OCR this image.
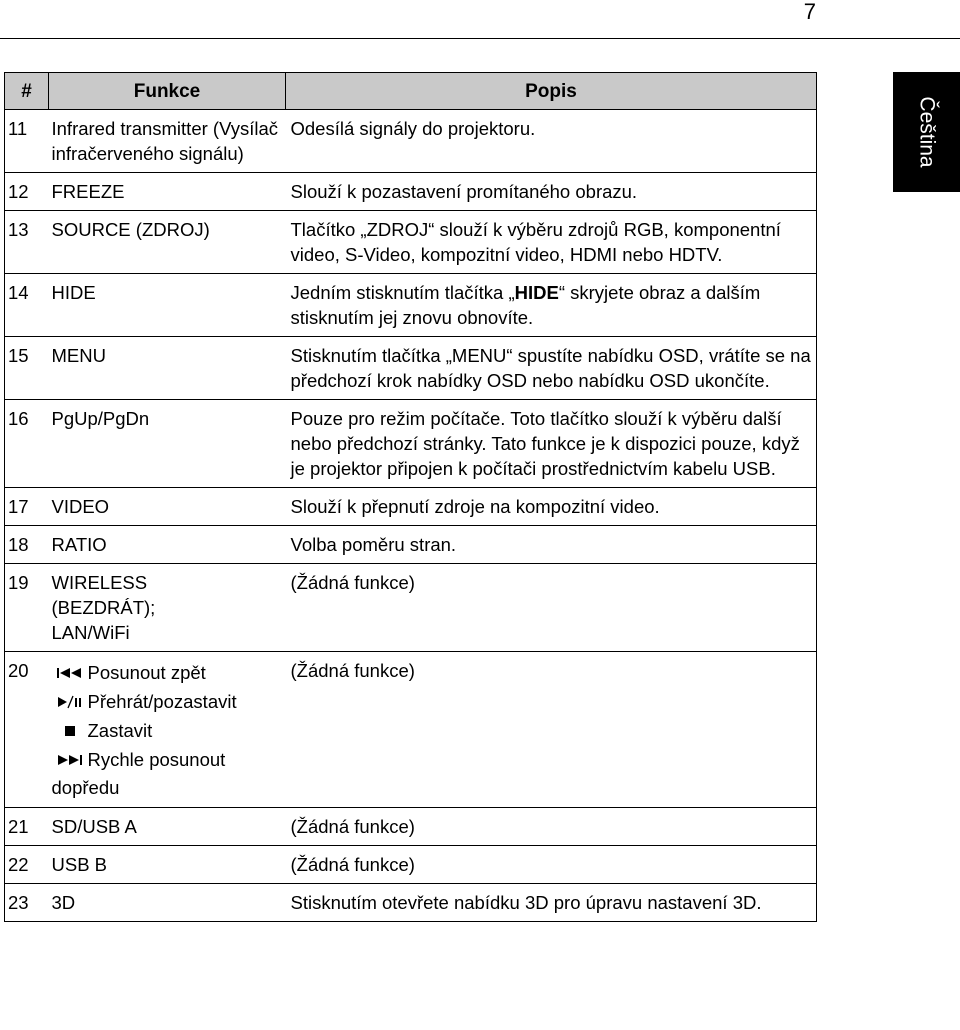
7
Čeština
#	Funkce	Popis
11	Infrared transmitter (Vysílač infračerveného signálu)	Odesílá signály do projektoru.
12	FREEZE	Slouží k pozastavení promítaného obrazu.
13	SOURCE (ZDROJ)	Tlačítko „ZDROJ“ slouží k výběru zdrojů RGB, komponentní video, S-Video, kompozitní video, HDMI nebo HDTV.
14	HIDE	Jedním stisknutím tlačítka „HIDE“ skryjete obraz a dalším stisknutím jej znovu obnovíte.
15	MENU	Stisknutím tlačítka „MENU“ spustíte nabídku OSD, vrátíte se na předchozí krok nabídky OSD nebo nabídku OSD ukončíte.
16	PgUp/PgDn	Pouze pro režim počítače. Toto tlačítko slouží k výběru další nebo předchozí stránky. Tato funkce je k dispozici pouze, když je projektor připojen k počítači prostřednictvím kabelu USB.
17	VIDEO	Slouží k přepnutí zdroje na kompozitní video.
18	RATIO	Volba poměru stran.
19	WIRELESS
(BEZDRÁT);
LAN/WiFi	(Žádná funkce)
20	Posunout zpět
Přehrát/pozastavit
Zastavit
Rychle posunout
dopředu	(Žádná funkce)
21	SD/USB A	(Žádná funkce)
22	USB B	(Žádná funkce)
23	3D	Stisknutím otevřete nabídku 3D pro úpravu nastavení 3D.
